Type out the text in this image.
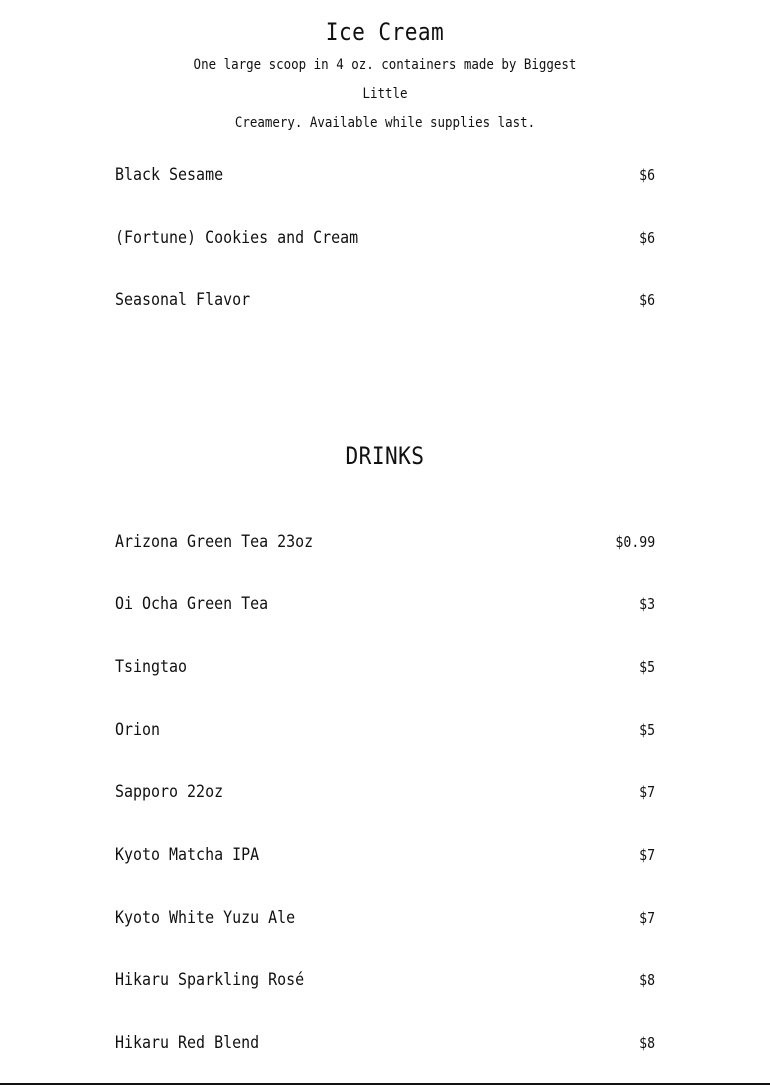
Ice Cream
One large scoop in 4 oz. containers made by Biggest Little
Creamery. Available while supplies last.
Black Sesame	$6
(Fortune) Cookies and Cream	$6
Seasonal Flavor	$6
DRINKS
Arizona Green Tea 23oz	$0.99
Oi Ocha Green Tea	$3
Tsingtao	$5
Orion	$5
Sapporo 22oz	$7
Kyoto Matcha IPA	$7
Kyoto White Yuzu Ale	$7
Hikaru Sparkling Rosé	$8
Hikaru Red Blend	$8
